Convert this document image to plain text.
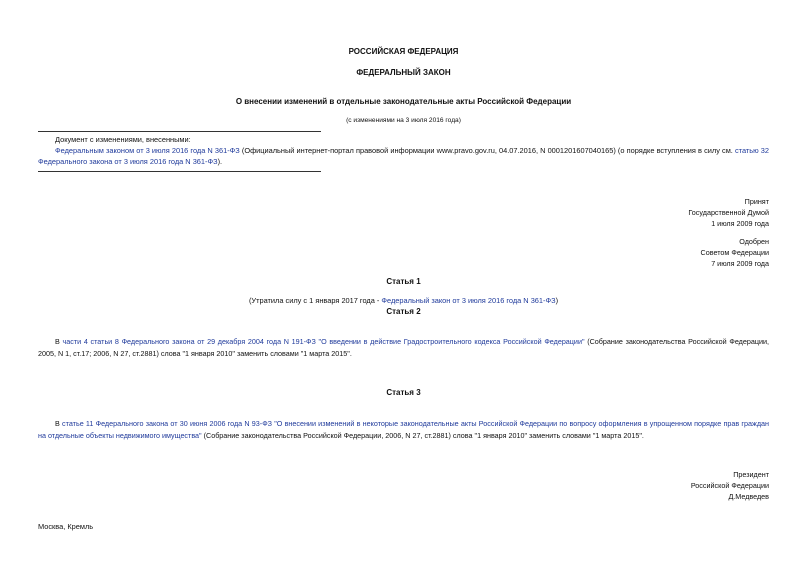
РОССИЙСКАЯ ФЕДЕРАЦИЯ
ФЕДЕРАЛЬНЫЙ ЗАКОН
О внесении изменений в отдельные законодательные акты Российской Федерации
(с изменениями на 3 июля 2016 года)
Документ с изменениями, внесенными:
Федеральным законом от 3 июля 2016 года N 361-ФЗ (Официальный интернет-портал правовой информации www.pravo.gov.ru, 04.07.2016, N 0001201607040165) (о порядке вступления в силу см. статью 32 Федерального закона от 3 июля 2016 года N 361-ФЗ).
Принят
Государственной Думой
1 июля 2009 года
Одобрен
Советом Федерации
7 июля 2009 года
Статья 1
(Утратила силу с 1 января 2017 года - Федеральный закон от 3 июля 2016 года N 361-ФЗ)
Статья 2
В части 4 статьи 8 Федерального закона от 29 декабря 2004 года N 191-ФЗ "О введении в действие Градостроительного кодекса Российской Федерации" (Собрание законодательства Российской Федерации, 2005, N 1, ст.17; 2006, N 27, ст.2881) слова "1 января 2010" заменить словами "1 марта 2015".
Статья 3
В статье 11 Федерального закона от 30 июня 2006 года N 93-ФЗ "О внесении изменений в некоторые законодательные акты Российской Федерации по вопросу оформления в упрощенном порядке прав граждан на отдельные объекты недвижимого имущества" (Собрание законодательства Российской Федерации, 2006, N 27, ст.2881) слова "1 января 2010" заменить словами "1 марта 2015".
Президент
Российской Федерации
Д.Медведев
Москва, Кремль
